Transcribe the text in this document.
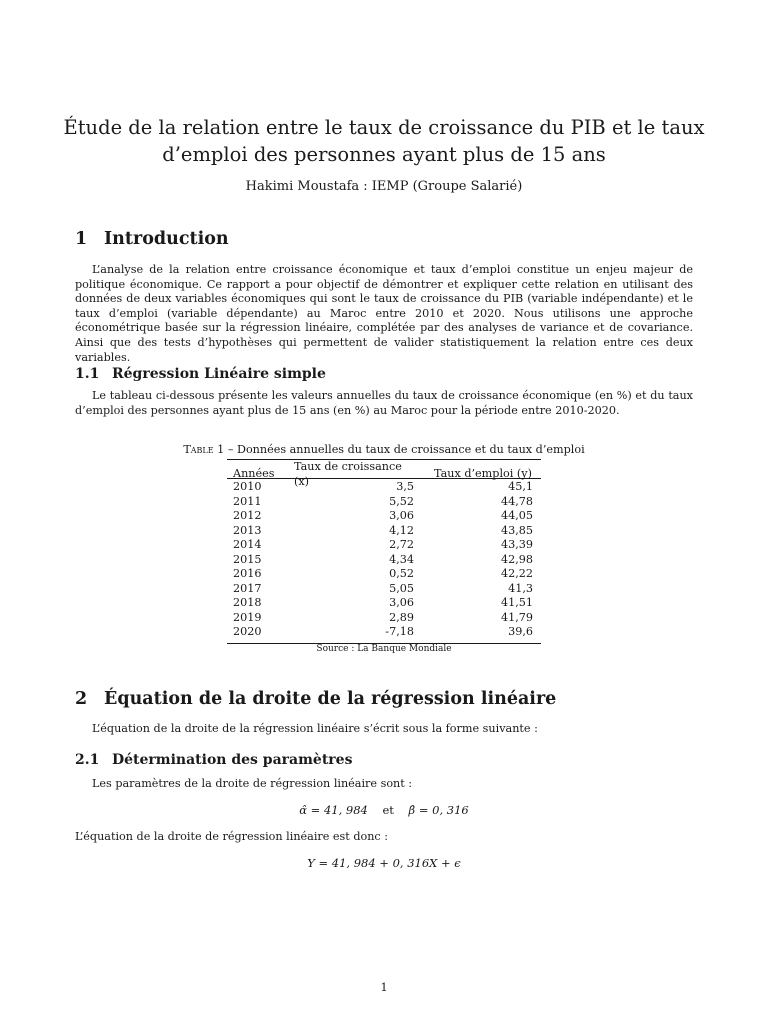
Étude de la relation entre le taux de croissance du PIB et le taux
d’emploi des personnes ayant plus de 15 ans
Hakimi Moustafa : IEMP (Groupe Salarié)
1 Introduction

L’analyse de la relation entre croissance économique et taux d’emploi constitue un enjeu majeur de politique économique. Ce rapport a pour objectif de démontrer et expliquer cette relation en utilisant des données de deux variables économiques qui sont le taux de croissance du PIB (variable indépendante) et le taux d’emploi (variable dépendante) au Maroc entre 2010 et 2020. Nous utilisons une approche économétrique basée sur la régression linéaire, complétée par des analyses de variance et de covariance. Ainsi que des tests d’hypothèses qui permettent de valider statistiquement la relation entre ces deux variables.

1.1 Régression Linéaire simple

Le tableau ci-dessous présente les valeurs annuelles du taux de croissance économique (en %) et du taux d’emploi des personnes ayant plus de 15 ans (en %) au Maroc pour la période entre 2010-2020.

Table 1 – Données annuelles du taux de croissance et du taux d’emploi
Années	Taux de croissance (x)	Taux d’emploi (y)
2010	3,5	45,1
2011	5,52	44,78
2012	3,06	44,05
2013	4,12	43,85
2014	2,72	43,39
2015	4,34	42,98
2016	0,52	42,22
2017	5,05	41,3
2018	3,06	41,51
2019	2,89	41,79
2020	-7,18	39,6
Source : La Banque Mondiale
2 Équation de la droite de la régression linéaire

L’équation de la droite de la régression linéaire s’écrit sous la forme suivante :

2.1 Détermination des paramètres

Les paramètres de la droite de régression linéaire sont :

α̂ = 41, 984 et β̂ = 0, 316

L’équation de la droite de régression linéaire est donc :

Y = 41, 984 + 0, 316X + ϵ
1
